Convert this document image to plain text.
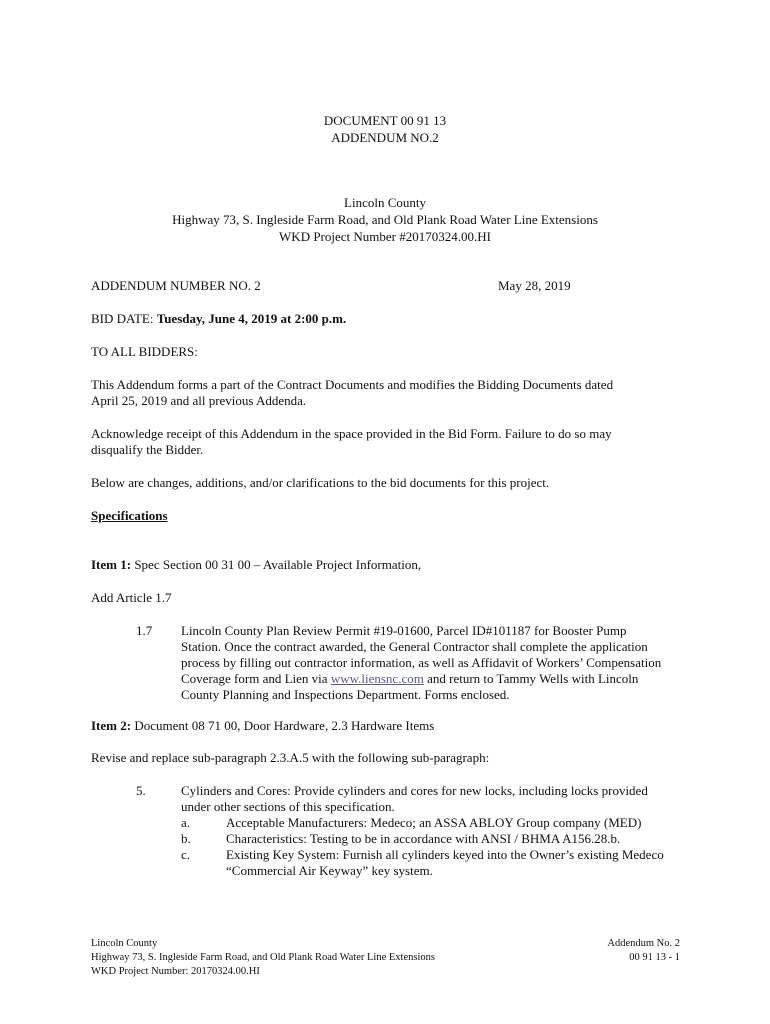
DOCUMENT 00 91 13
ADDENDUM NO.2
Lincoln County
Highway 73, S. Ingleside Farm Road, and Old Plank Road Water Line Extensions
WKD Project Number #20170324.00.HI
ADDENDUM NUMBER NO. 2	May 28, 2019
BID DATE: Tuesday, June 4, 2019 at 2:00 p.m.
TO ALL BIDDERS:
This Addendum forms a part of the Contract Documents and modifies the Bidding Documents dated
April 25, 2019 and all previous Addenda.
Acknowledge receipt of this Addendum in the space provided in the Bid Form. Failure to do so may
disqualify the Bidder.
Below are changes, additions, and/or clarifications to the bid documents for this project.
Specifications
Item 1: Spec Section 00 31 00 – Available Project Information,
Add Article 1.7
1.7 Lincoln County Plan Review Permit #19-01600, Parcel ID#101187 for Booster Pump
Station. Once the contract awarded, the General Contractor shall complete the application
process by filling out contractor information, as well as Affidavit of Workers’ Compensation
Coverage form and Lien via www.liensnc.com and return to Tammy Wells with Lincoln
County Planning and Inspections Department. Forms enclosed.
Item 2: Document 08 71 00, Door Hardware, 2.3 Hardware Items
Revise and replace sub-paragraph 2.3.A.5 with the following sub-paragraph:
5.	Cylinders and Cores: Provide cylinders and cores for new locks, including locks provided
under other sections of this specification.
a.	Acceptable Manufacturers: Medeco; an ASSA ABLOY Group company (MED)
b.	Characteristics: Testing to be in accordance with ANSI / BHMA A156.28.b.
c.	Existing Key System: Furnish all cylinders keyed into the Owner’s existing Medeco
“Commercial Air Keyway” key system.
Lincoln County
Highway 73, S. Ingleside Farm Road, and Old Plank Road Water Line Extensions
WKD Project Number: 20170324.00.HI
Addendum No. 2
00 91 13 - 1
